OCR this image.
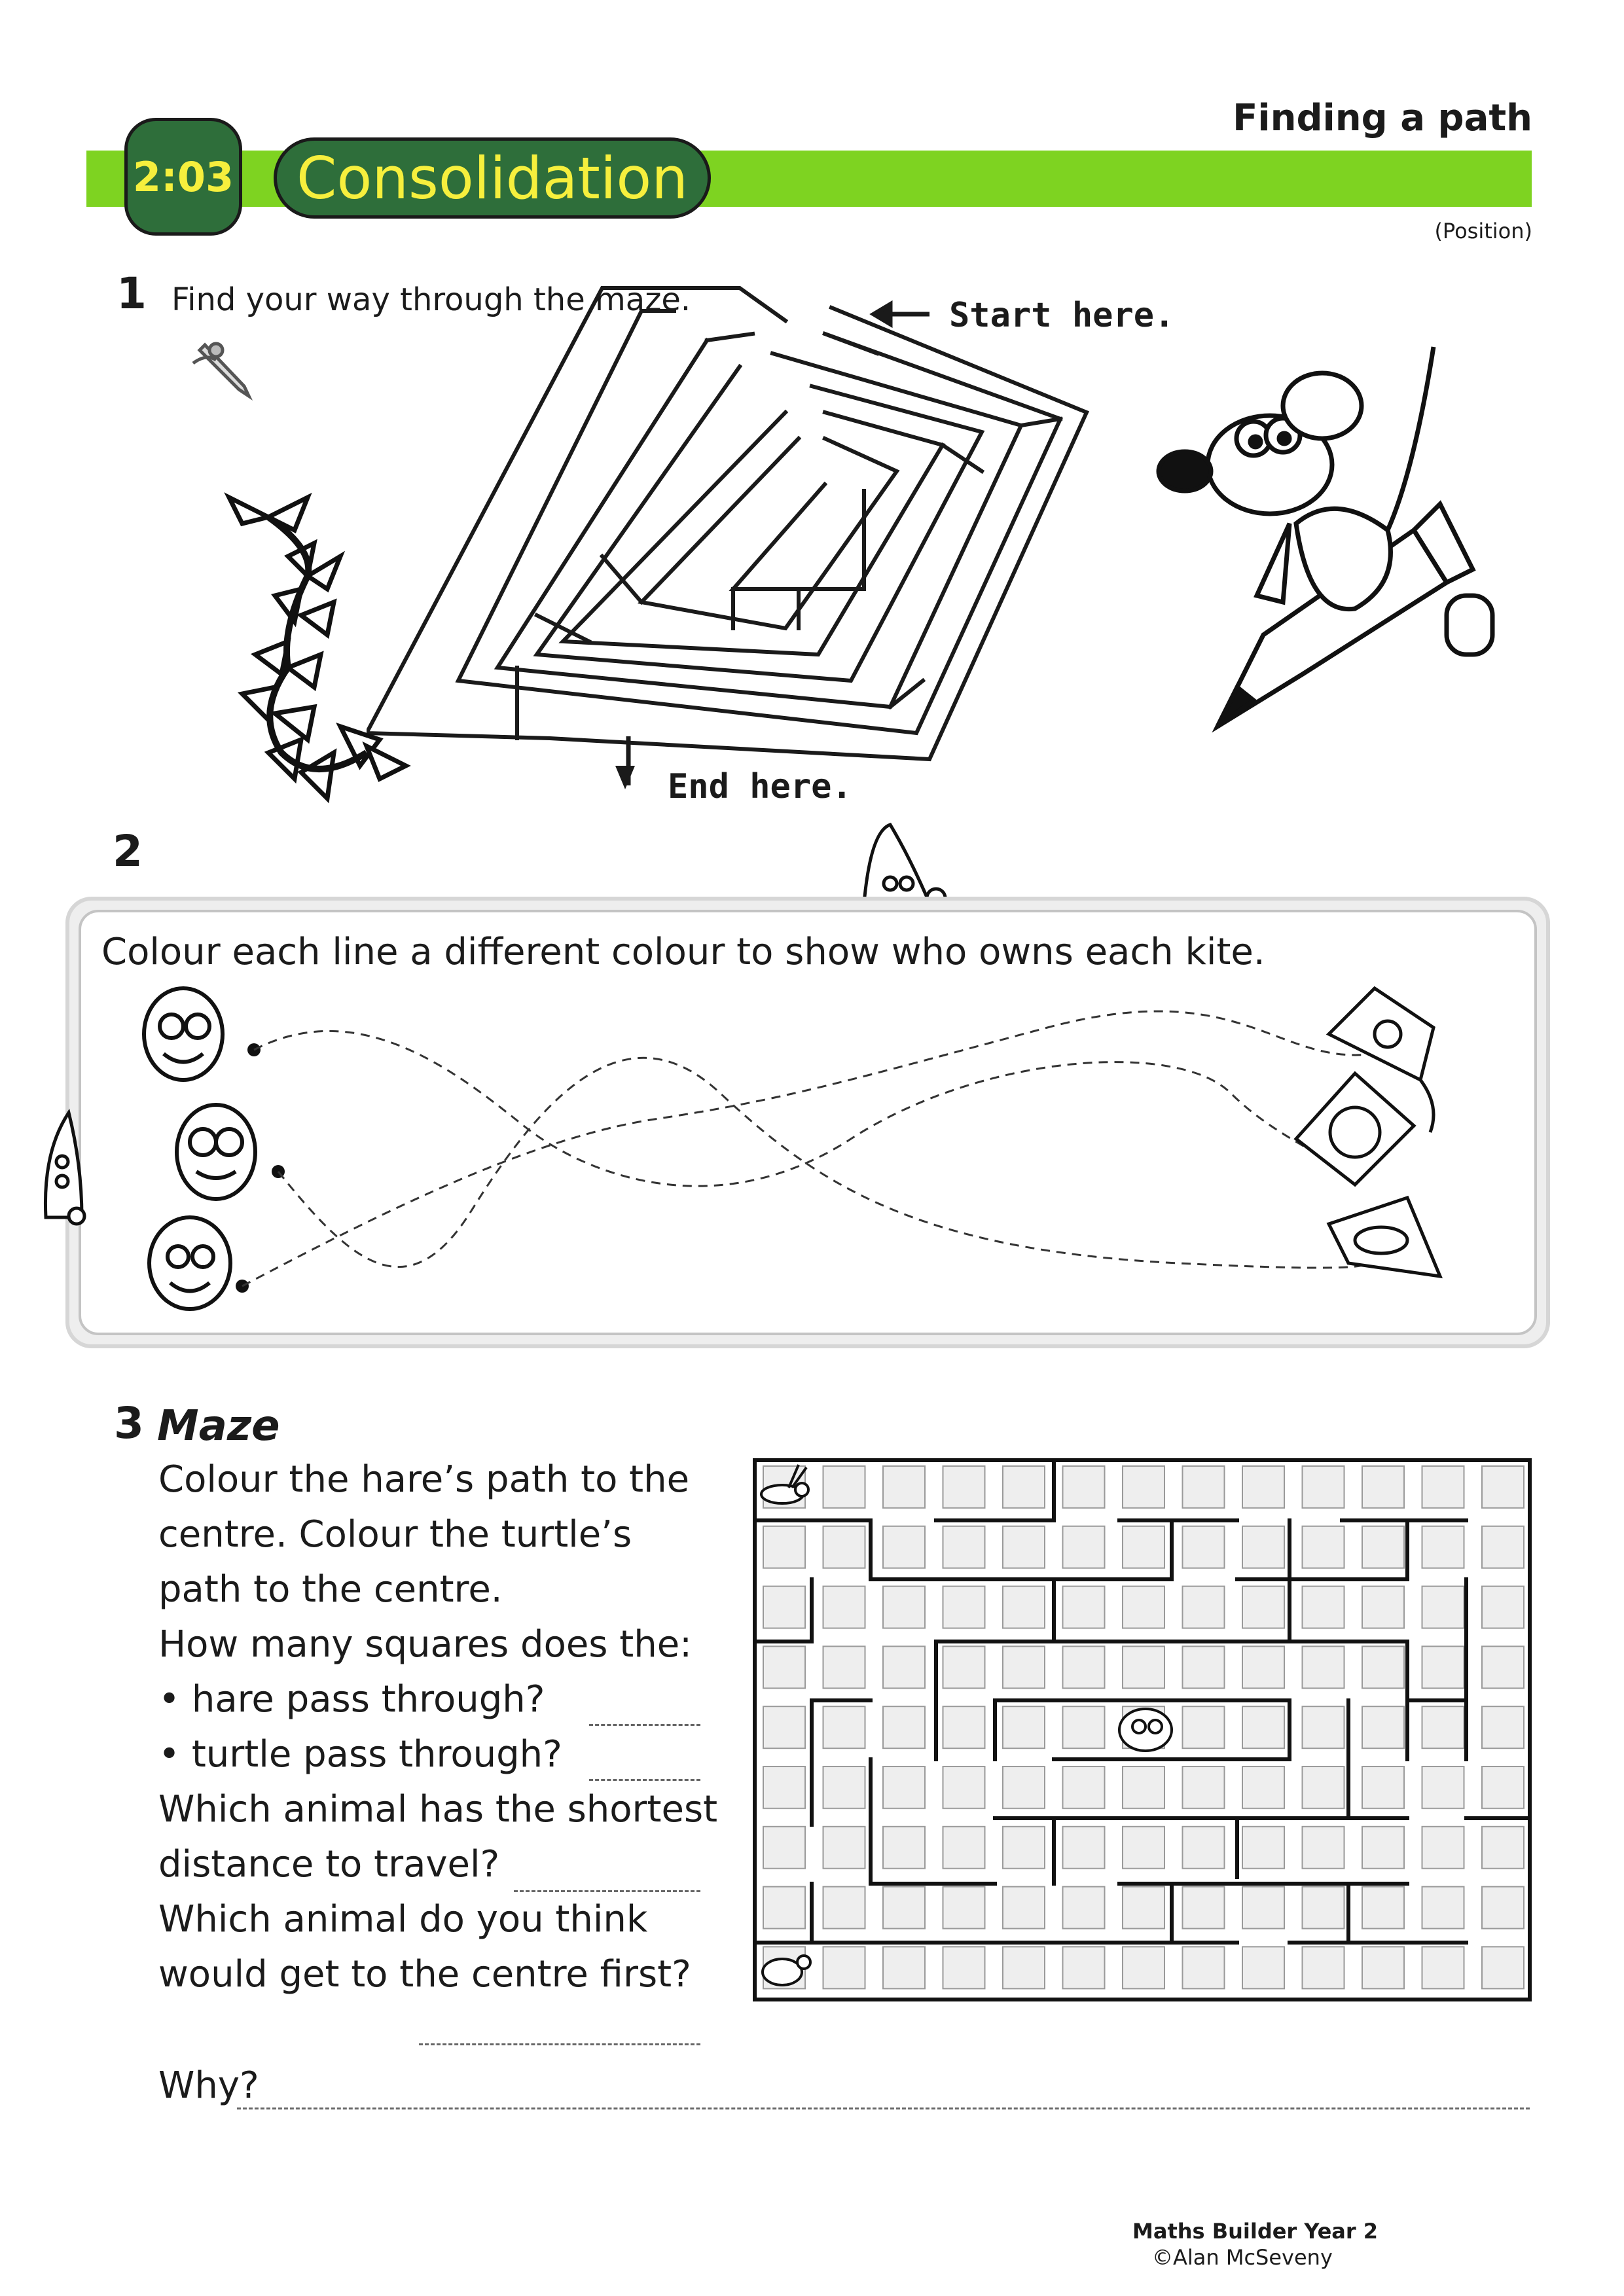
Finding a path
2:03	Consolidation
(Position)
1 Find your way through the maze.	Start here.
End here.
2
Colour each line a different colour to show who owns each kite.
3 Maze
Colour the hare’s path to the
centre. Colour the turtle’s
path to the centre.
How many squares does the:
• hare pass through?
• turtle pass through?
Which animal has the shortest
distance to travel?
Which animal do you think
would get to the centre first?
Why?
Maths Builder Year 2
©Alan McSeveny
